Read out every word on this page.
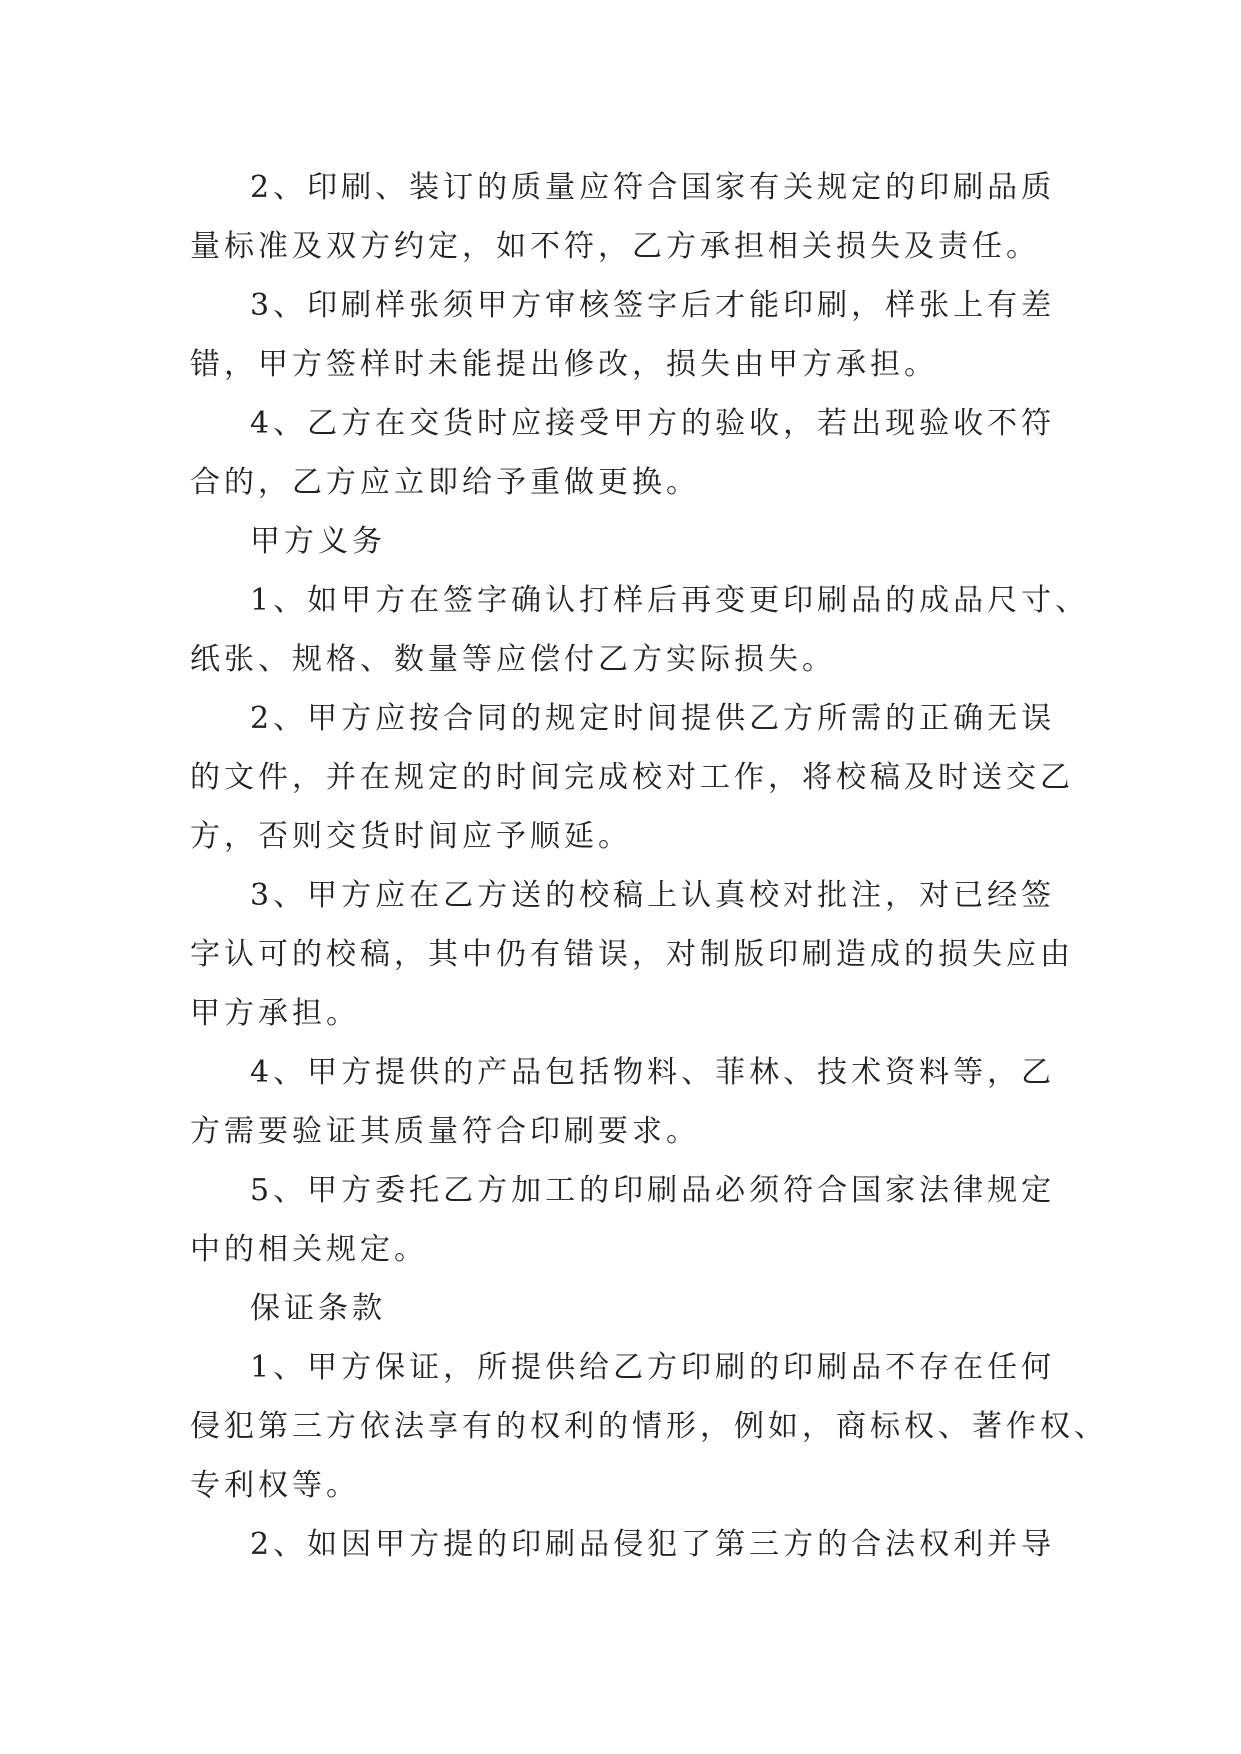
2、印刷、装订的质量应符合国家有关规定的印刷品质
量标准及双方约定，如不符，乙方承担相关损失及责任。
3、印刷样张须甲方审核签字后才能印刷，样张上有差
错，甲方签样时未能提出修改，损失由甲方承担。
4、乙方在交货时应接受甲方的验收，若出现验收不符
合的，乙方应立即给予重做更换。
甲方义务
1、如甲方在签字确认打样后再变更印刷品的成品尺寸、
纸张、规格、数量等应偿付乙方实际损失。
2、甲方应按合同的规定时间提供乙方所需的正确无误
的文件，并在规定的时间完成校对工作，将校稿及时送交乙
方，否则交货时间应予顺延。
3、甲方应在乙方送的校稿上认真校对批注，对已经签
字认可的校稿，其中仍有错误，对制版印刷造成的损失应由
甲方承担。
4、甲方提供的产品包括物料、菲林、技术资料等，乙
方需要验证其质量符合印刷要求。
5、甲方委托乙方加工的印刷品必须符合国家法律规定
中的相关规定。
保证条款
1、甲方保证，所提供给乙方印刷的印刷品不存在任何
侵犯第三方依法享有的权利的情形，例如，商标权、著作权、
专利权等。
2、如因甲方提的印刷品侵犯了第三方的合法权利并导
